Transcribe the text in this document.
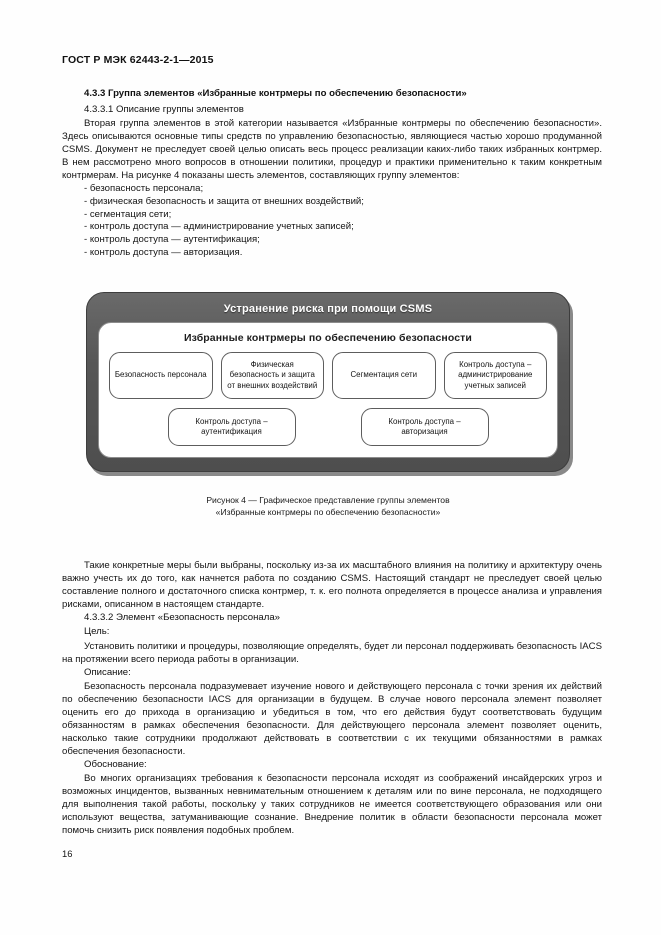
ГОСТ Р МЭК 62443-2-1—2015
4.3.3 Группа элементов «Избранные контрмеры по обеспечению безопасности»
4.3.3.1 Описание группы элементов

Вторая группа элементов в этой категории называется «Избранные контрмеры по обеспечению безопасности». Здесь описываются основные типы средств по управлению безопасностью, являющиеся частью хорошо продуманной CSMS. Документ не преследует своей целью описать весь процесс реализации каких-либо таких избранных контрмер. В нем рассмотрено много вопросов в отношении политики, процедур и практики применительно к таким конкретным контрмерам. На рисунке 4 показаны шесть элементов, составляющих группу элементов:

- безопасность персонала;
- физическая безопасность и защита от внешних воздействий;
- сегментация сети;
- контроль доступа — администрирование учетных записей;
- контроль доступа — аутентификация;
- контроль доступа — авторизация.
Устранение риска при помощи CSMS
Избранные контрмеры по обеспечению безопасности
Безопасность персонала
Физическая безопасность и защита от внешних воздействий
Сегментация сети
Контроль доступа – администрирование учетных записей
Контроль доступа – аутентификация
Контроль доступа – авторизация
Рисунок 4 — Графическое представление группы элементов
«Избранные контрмеры по обеспечению безопасности»

Такие конкретные меры были выбраны, поскольку из-за их масштабного влияния на политику и архитектуру очень важно учесть их до того, как начнется работа по созданию CSMS. Настоящий стандарт не преследует своей целью составление полного и достаточного списка контрмер, т. к. его полнота определяется в процессе анализа и управления рисками, описанном в настоящем стандарте.

4.3.3.2 Элемент «Безопасность персонала»
Цель:

Установить политики и процедуры, позволяющие определять, будет ли персонал поддерживать безопасность IACS на протяжении всего периода работы в организации.

Описание:

Безопасность персонала подразумевает изучение нового и действующего персонала с точки зрения их действий по обеспечению безопасности IACS для организации в будущем. В случае нового персонала элемент позволяет оценить его до прихода в организацию и убедиться в том, что его действия будут соответствовать будущим обязанностям в рамках обеспечения безопасности. Для действующего персонала элемент позволяет оценить, насколько такие сотрудники продолжают действовать в соответствии с их текущими обязанностями в рамках обеспечения безопасности.

Обоснование:

Во многих организациях требования к безопасности персонала исходят из соображений инсайдерских угроз и возможных инцидентов, вызванных невнимательным отношением к деталям или по вине персонала, не подходящего для выполнения такой работы, поскольку у таких сотрудников не имеется соответствующего образования или они используют вещества, затуманивающие сознание. Внедрение политик в области безопасности персонала может помочь снизить риск появления подобных проблем.

16
